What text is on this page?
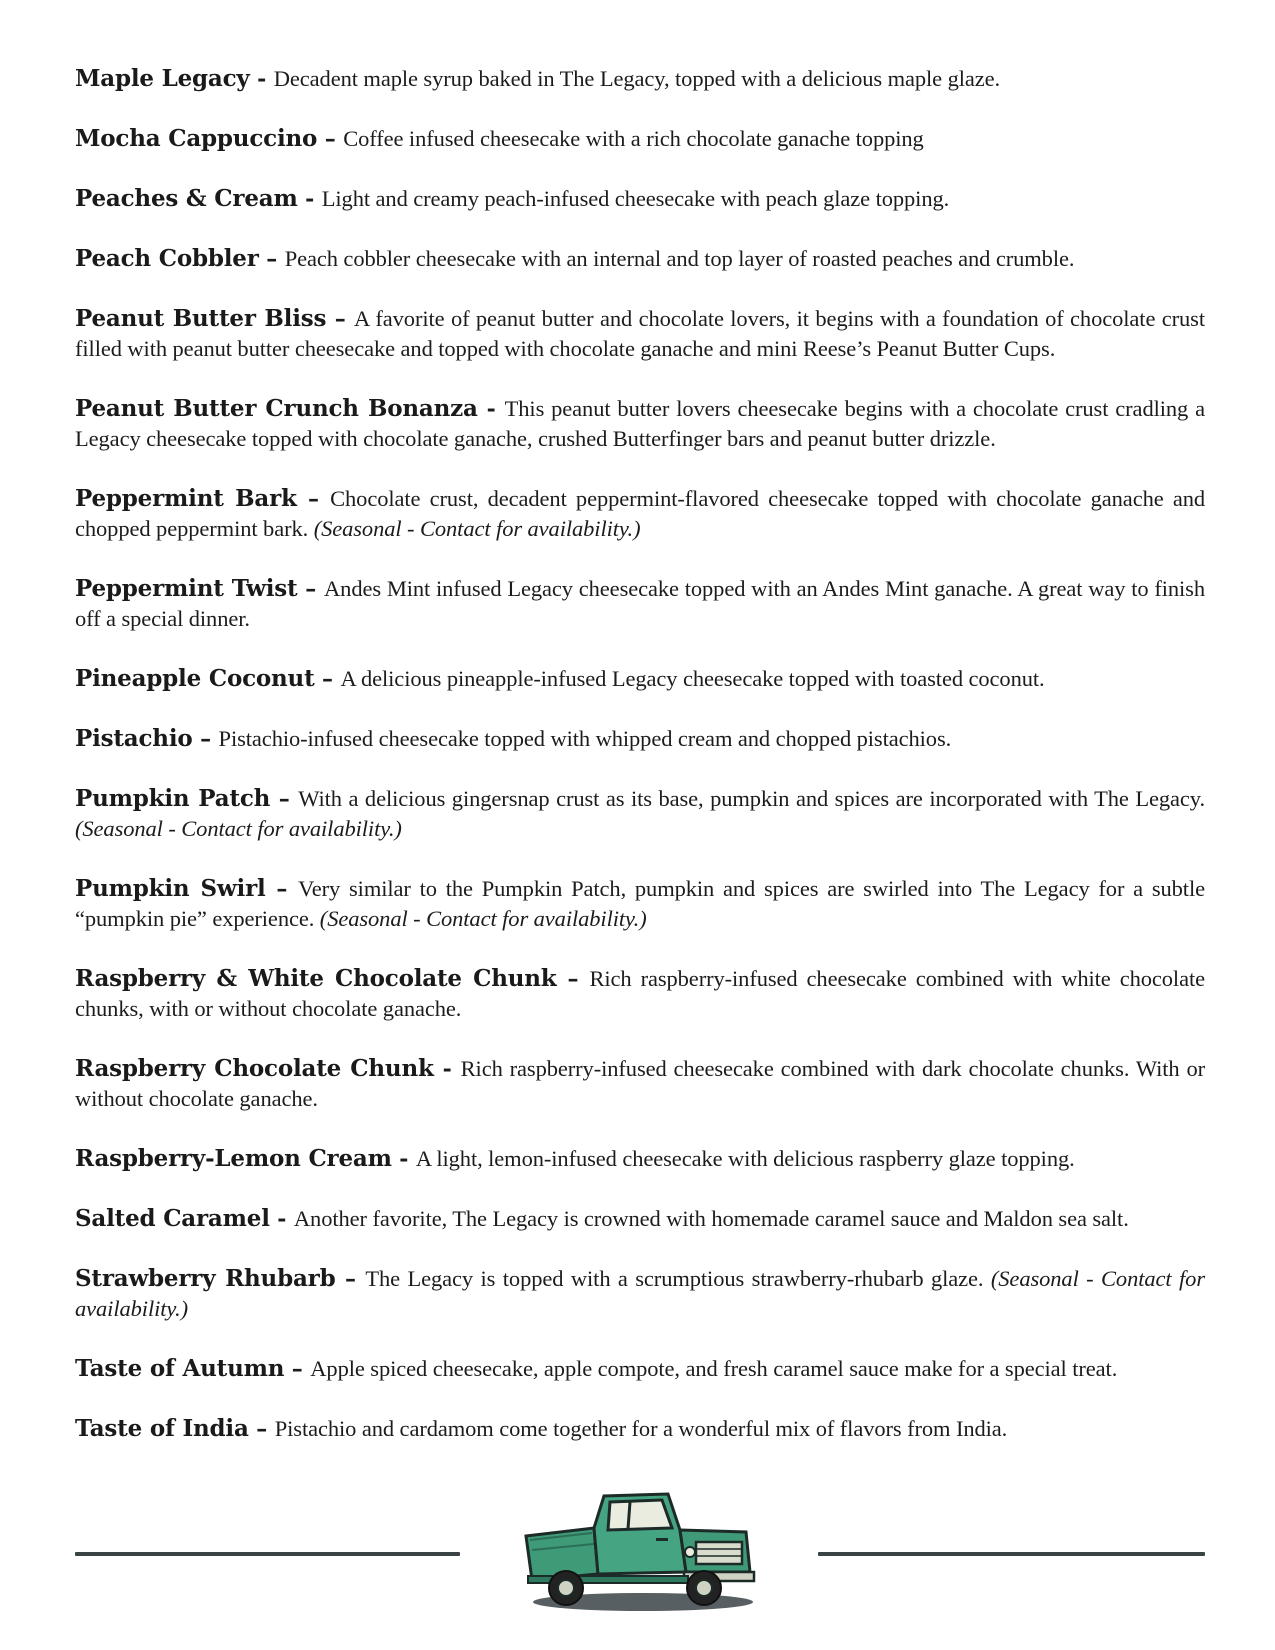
Maple Legacy - Decadent maple syrup baked in The Legacy, topped with a delicious maple glaze.

Mocha Cappuccino – Coffee infused cheesecake with a rich chocolate ganache topping

Peaches & Cream - Light and creamy peach-infused cheesecake with peach glaze topping.

Peach Cobbler – Peach cobbler cheesecake with an internal and top layer of roasted peaches and crumble.

Peanut Butter Bliss – A favorite of peanut butter and chocolate lovers, it begins with a foundation of chocolate crust filled with peanut butter cheesecake and topped with chocolate ganache and mini Reese’s Peanut Butter Cups.

Peanut Butter Crunch Bonanza - This peanut butter lovers cheesecake begins with a chocolate crust cradling a Legacy cheesecake topped with chocolate ganache, crushed Butterfinger bars and peanut butter drizzle.

Peppermint Bark – Chocolate crust, decadent peppermint-flavored cheesecake topped with chocolate ganache and chopped peppermint bark. (Seasonal - Contact for availability.)

Peppermint Twist – Andes Mint infused Legacy cheesecake topped with an Andes Mint ganache. A great way to finish off a special dinner.

Pineapple Coconut – A delicious pineapple-infused Legacy cheesecake topped with toasted coconut.

Pistachio – Pistachio-infused cheesecake topped with whipped cream and chopped pistachios.

Pumpkin Patch – With a delicious gingersnap crust as its base, pumpkin and spices are incorporated with The Legacy. (Seasonal - Contact for availability.)

Pumpkin Swirl – Very similar to the Pumpkin Patch, pumpkin and spices are swirled into The Legacy for a subtle “pumpkin pie” experience. (Seasonal - Contact for availability.)

Raspberry & White Chocolate Chunk – Rich raspberry-infused cheesecake combined with white chocolate chunks, with or without chocolate ganache.

Raspberry Chocolate Chunk - Rich raspberry-infused cheesecake combined with dark chocolate chunks. With or without chocolate ganache.

Raspberry-Lemon Cream - A light, lemon-infused cheesecake with delicious raspberry glaze topping.

Salted Caramel - Another favorite, The Legacy is crowned with homemade caramel sauce and Maldon sea salt.

Strawberry Rhubarb – The Legacy is topped with a scrumptious strawberry-rhubarb glaze. (Seasonal - Contact for availability.)

Taste of Autumn – Apple spiced cheesecake, apple compote, and fresh caramel sauce make for a special treat.

Taste of India – Pistachio and cardamom come together for a wonderful mix of flavors from India.
